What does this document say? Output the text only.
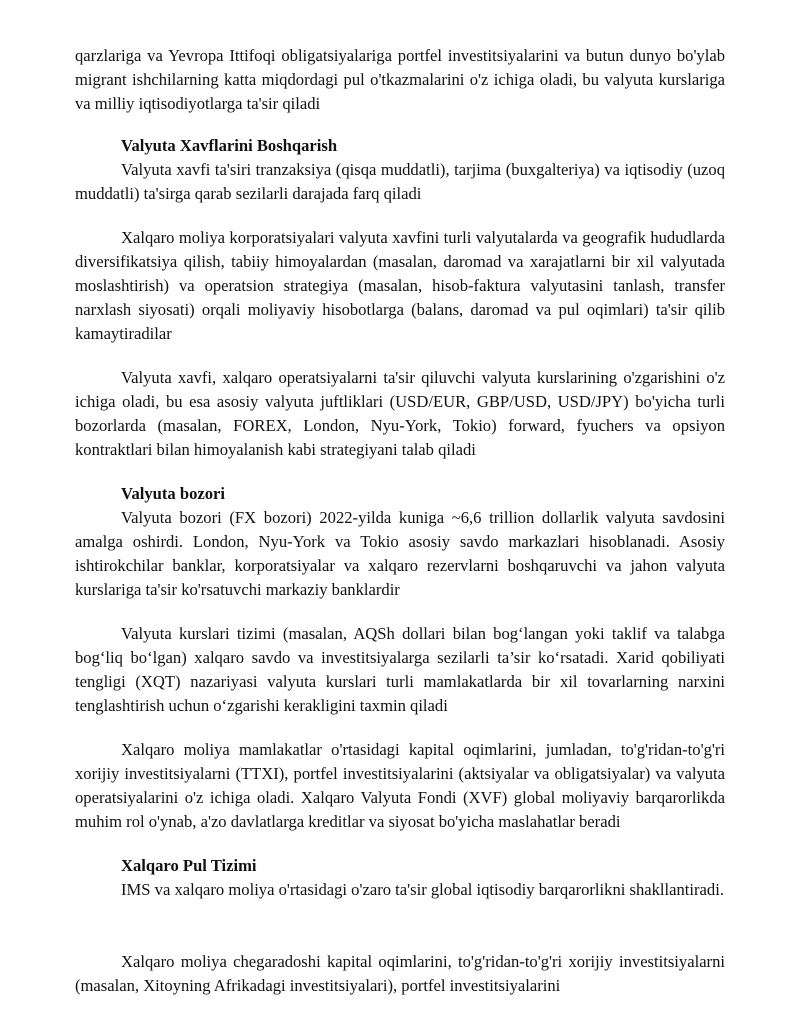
qarzlariga va Yevropa Ittifoqi obligatsiyalariga portfel investitsiyalarini va butun dunyo bo'ylab migrant ishchilarning katta miqdordagi pul o'tkazmalarini o'z ichiga oladi, bu valyuta kurslariga va milliy iqtisodiyotlarga ta'sir qiladi

Valyuta Xavflarini Boshqarish

Valyuta xavfi ta'siri tranzaksiya (qisqa muddatli), tarjima (buxgalteriya) va iqtisodiy (uzoq muddatli) ta'sirga qarab sezilarli darajada farq qiladi

Xalqaro moliya korporatsiyalari valyuta xavfini turli valyutalarda va geografik hududlarda diversifikatsiya qilish, tabiiy himoyalardan (masalan, daromad va xarajatlarni bir xil valyutada moslashtirish) va operatsion strategiya (masalan, hisob-faktura valyutasini tanlash, transfer narxlash siyosati) orqali moliyaviy hisobotlarga (balans, daromad va pul oqimlari) ta'sir qilib kamaytiradilar

Valyuta xavfi, xalqaro operatsiyalarni ta'sir qiluvchi valyuta kurslarining o'zgarishini o'z ichiga oladi, bu esa asosiy valyuta juftliklari (USD/EUR, GBP/USD, USD/JPY) bo'yicha turli bozorlarda (masalan, FOREX, London, Nyu-York, Tokio) forward, fyuchers va opsiyon kontraktlari bilan himoyalanish kabi strategiyani talab qiladi

Valyuta bozori

Valyuta bozori (FX bozori) 2022-yilda kuniga ~6,6 trillion dollarlik valyuta savdosini amalga oshirdi. London, Nyu-York va Tokio asosiy savdo markazlari hisoblanadi. Asosiy ishtirokchilar banklar, korporatsiyalar va xalqaro rezervlarni boshqaruvchi va jahon valyuta kurslariga ta'sir ko'rsatuvchi markaziy banklardir

Valyuta kurslari tizimi (masalan, AQSh dollari bilan bog‘langan yoki taklif va talabga bog‘liq bo‘lgan) xalqaro savdo va investitsiyalarga sezilarli ta’sir ko‘rsatadi. Xarid qobiliyati tengligi (XQT) nazariyasi valyuta kurslari turli mamlakatlarda bir xil tovarlarning narxini tenglashtirish uchun o‘zgarishi kerakligini taxmin qiladi

Xalqaro moliya mamlakatlar o'rtasidagi kapital oqimlarini, jumladan, to'g'ridan-to'g'ri xorijiy investitsiyalarni (TTXI), portfel investitsiyalarini (aktsiyalar va obligatsiyalar) va valyuta operatsiyalarini o'z ichiga oladi. Xalqaro Valyuta Fondi (XVF) global moliyaviy barqarorlikda muhim rol o'ynab, a'zo davlatlarga kreditlar va siyosat bo'yicha maslahatlar beradi

Xalqaro Pul Tizimi

IMS va xalqaro moliya o'rtasidagi o'zaro ta'sir global iqtisodiy barqarorlikni shakllantiradi.

Xalqaro moliya chegaradoshi kapital oqimlarini, to'g'ridan-to'g'ri xorijiy investitsiyalarni (masalan, Xitoyning Afrikadagi investitsiyalari), portfel investitsiyalarini
